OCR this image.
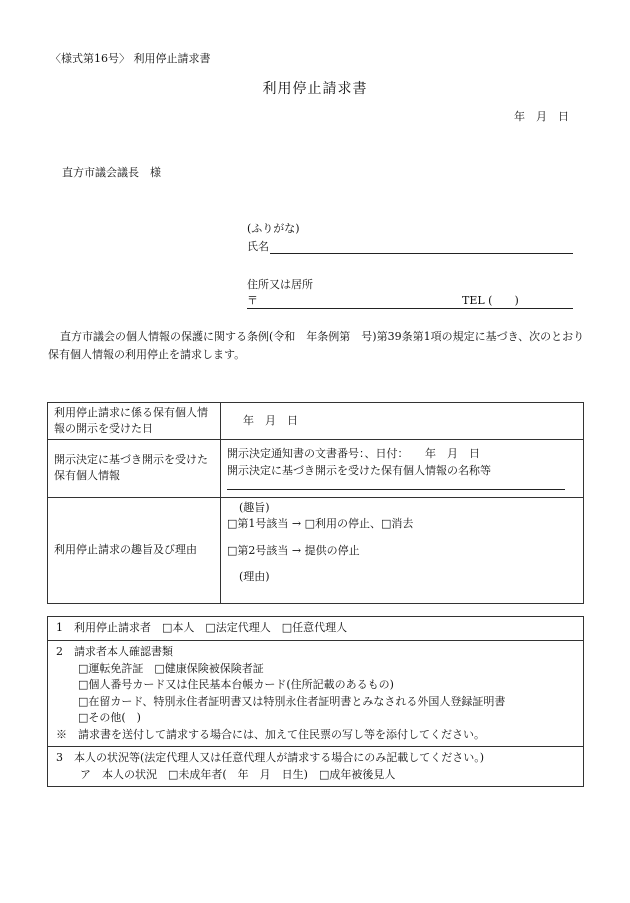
〈様式第16号〉 利用停止請求書
利用停止請求書
年　月　日
直方市議会議長　様
(ふりがな)
氏名
住所又は居所
〒	TEL (　　)
直方市議会の個人情報の保護に関する条例(令和　年条例第　号)第39条第1項の規定に基づき、次のとおり保有個人情報の利用停止を請求します。
利用停止請求に係る保有個人情報の開示を受けた日	年　月　日
開示決定に基づき開示を受けた保有個人情報	開示決定通知書の文書番号：、日付：　　年　月　日
開示決定に基づき開示を受けた保有個人情報の名称等

利用停止請求の趣旨及び理由	(趣旨)
□第1号該当 → □利用の停止、□消去
□第2号該当 → 提供の停止
(理由)
1　利用停止請求者　□本人　□法定代理人　□任意代理人

2　請求者本人確認書類
□運転免許証　□健康保険被保険者証
□個人番号カード又は住民基本台帳カード(住所記載のあるもの)
□在留カード、特別永住者証明書又は特別永住者証明書とみなされる外国人登録証明書
□その他(　)
※　請求書を送付して請求する場合には、加えて住民票の写し等を添付してください。

3　本人の状況等(法定代理人又は任意代理人が請求する場合にのみ記載してください。)
ア　本人の状況　□未成年者(　年　月　日生)　□成年被後見人
